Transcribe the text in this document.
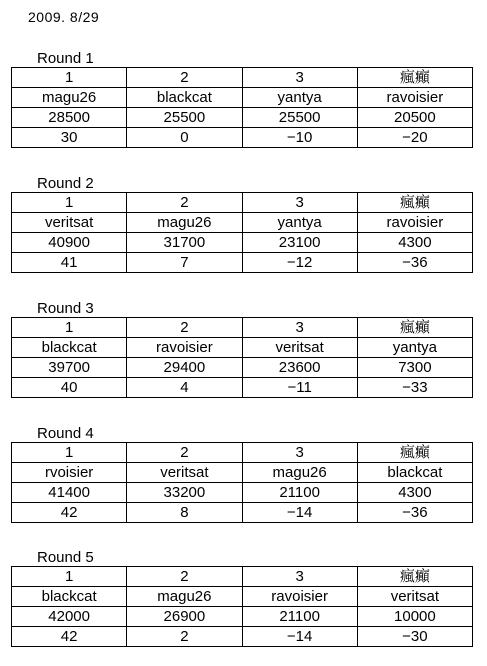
2009. 8/29
Round 1
1	2	3	瘋癲
magu26	blackcat	yantya	ravoisier
28500	25500	25500	20500
30	0	−10	−20
Round 2
1	2	3	瘋癲
veritsat	magu26	yantya	ravoisier
40900	31700	23100	4300
41	7	−12	−36
Round 3
1	2	3	瘋癲
blackcat	ravoisier	veritsat	yantya
39700	29400	23600	7300
40	4	−11	−33
Round 4
1	2	3	瘋癲
rvoisier	veritsat	magu26	blackcat
41400	33200	21100	4300
42	8	−14	−36
Round 5
1	2	3	瘋癲
blackcat	magu26	ravoisier	veritsat
42000	26900	21100	10000
42	2	−14	−30
